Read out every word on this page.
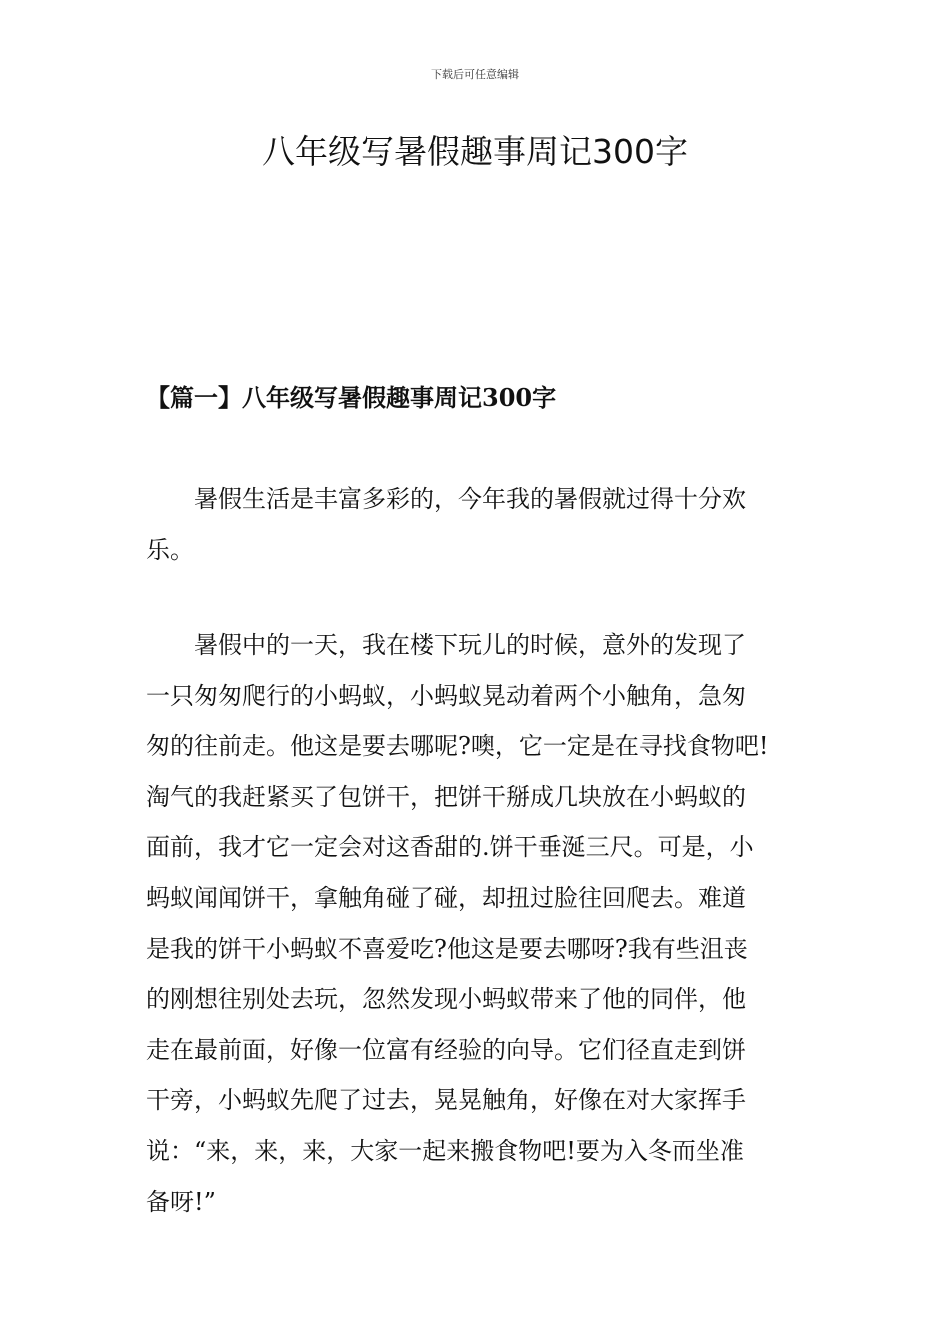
下载后可任意编辑
八年级写暑假趣事周记300字
【篇一】八年级写暑假趣事周记300字
　　暑假生活是丰富多彩的，今年我的暑假就过得十分欢
乐。
　　暑假中的一天，我在楼下玩儿的时候，意外的发现了
一只匆匆爬行的小蚂蚁，小蚂蚁晃动着两个小触角，急匆
匆的往前走。他这是要去哪呢?噢，它一定是在寻找食物吧!
淘气的我赶紧买了包饼干，把饼干掰成几块放在小蚂蚁的
面前，我才它一定会对这香甜的.饼干垂涎三尺。可是，小
蚂蚁闻闻饼干，拿触角碰了碰，却扭过脸往回爬去。难道
是我的饼干小蚂蚁不喜爱吃?他这是要去哪呀?我有些沮丧
的刚想往别处去玩，忽然发现小蚂蚁带来了他的同伴，他
走在最前面，好像一位富有经验的向导。它们径直走到饼
干旁，小蚂蚁先爬了过去，晃晃触角，好像在对大家挥手
说：“来，来，来，大家一起来搬食物吧!要为入冬而坐准
备呀!”
